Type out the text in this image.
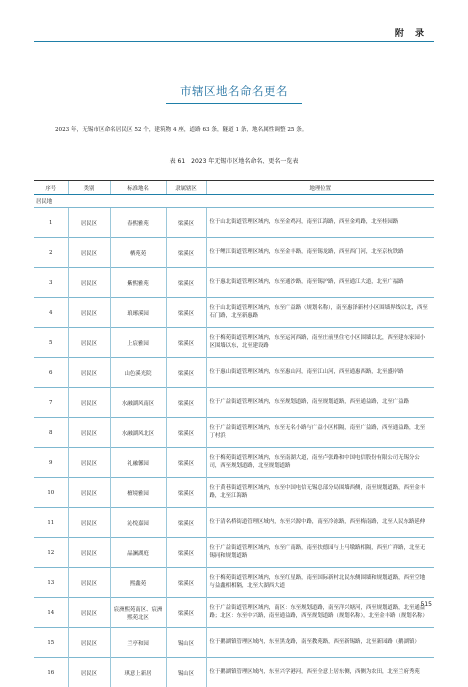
附 录
市辖区地名命名更名
2023 年，无锡市区命名居民区 52 个，建筑物 4 座，道路 63 条，隧道 1 条，地名属性调整 25 条。
表 61　2023 年无锡市区地名命名、更名一览表
序号	类别	标准地名	隶属辖区	地理位置
居民地				
1	居民区	春熙雅苑	梁溪区	位于山北街道管理区域内，东至金鸡河，南至江海路，西至金鸡路，北至桂园路
2	居民区	栖苑苑	梁溪区	位于鲤江街道管理区域内，东至金丰路，南至锡龙路，西至西门河，北至京杭铁路
3	居民区	紫熙雅苑	梁溪区	位于惠北街道管理区域内，东至通沙路，南至锡沪路，西至通江大道，北至广福路
4	居民区	琅琊溪园	梁溪区	位于山北街道管理区域内，东至广益路（规划名称），南至惠泽新村小区围墙界线以北，西至石门路，北至新惠路
5	居民区	上宸雅园	梁溪区	位于梅苑街道管理区域内，东至运河西路，南至庄前里住宅小区围墙以北，西至建东家园小区围墙以东，北至建设路
6	居民区	山色溪光院	梁溪区	位于惠山街道管理区域内，东至惠山河，南至江山河，西至通惠西路，北至盛岸路
7	居民区	水融湖风南区	梁溪区	位于广益街道管理区域内，东至规划道路，南至规划道路，西至通益路，北至广益路
8	居民区	水融湖风北区	梁溪区	位于广益街道管理区域内，东至无名小路与广益小区相隔，南至广益路，西至通益路，北至丁村浜
9	居民区	礼融馨园	梁溪区	位于梅苑街道管理区域内，东至南湖大道，南至卢张路和中国电信股份有限公司无锡分公司，西至规划道路，北至规划道路
10	居民区	檀境雅园	梁溪区	位于黄巷街道管理区域内，东至中国电信无锡总部分局围墙西侧，南至规划道路，西至金丰路，北至江海路
11	居民区	沁悦嘉园	梁溪区	位于清名桥街道管理区域内，东至兴源中路，南至冷冻路，西至梅南路，北至人民东路延伸
12	居民区	晶澜湖庭	梁溪区	位于广益街道管理区域内，东至广南路，南至扶德园与上马墩路相隔，西至广祥路，北至无锡同和规划道路
13	居民区	熙鑫苑	梁溪区	位于梅苑街道管理区域内，东至红星路，南至国际新村北民东侧围墙和规划道路，西至空地与益鑫相相隔，北至大湖西大道
14	居民区	宸洲熙苑南区、宸洲熙苑北区	梁溪区	位于广益街道管理区域内，南区：东至规划道路，南至洋兴塘河，西至规划道路，北至通益路；北区：东至中兴路，南至通益路，西至规划道路（规划名称），北至金丰路（规划名称）
15	居民区	兰亭和园	锡山区	位于鹅湖镇管理区域内，东至黑龙路，南至教苑路，西至新锡路，北至新园路（鹅湖镇）
16	居民区	琪意上新居	锡山区	位于鹅湖镇管理区域内，东至兴学港河，西至全意上居东侧，西侧为农田，北至兰府秀苑
515
